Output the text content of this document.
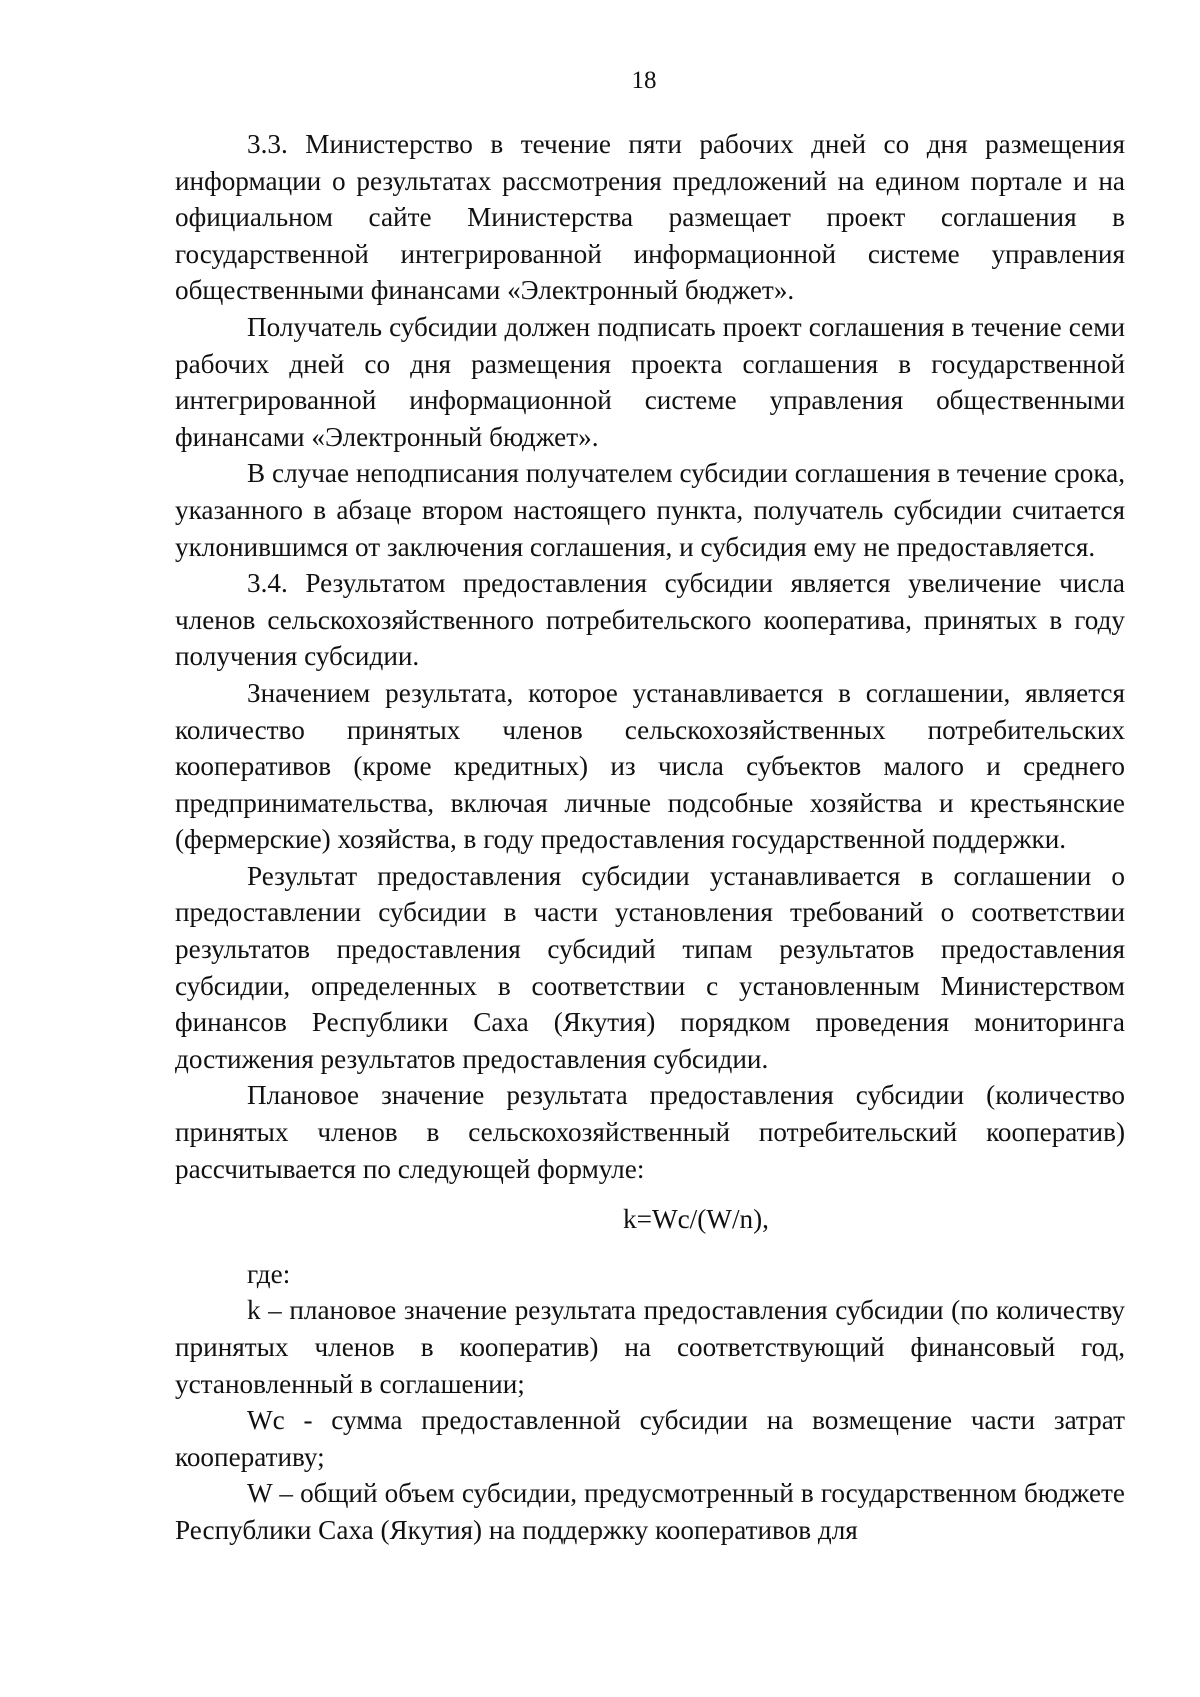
18

3.3. Министерство в течение пяти рабочих дней со дня размещения информации о результатах рассмотрения предложений на едином портале и на официальном сайте Министерства размещает проект соглашения в государственной интегрированной информационной системе управления общественными финансами «Электронный бюджет».

Получатель субсидии должен подписать проект соглашения в течение семи рабочих дней со дня размещения проекта соглашения в государственной интегрированной информационной системе управления общественными финансами «Электронный бюджет».

В случае неподписания получателем субсидии соглашения в течение срока, указанного в абзаце втором настоящего пункта, получатель субсидии считается уклонившимся от заключения соглашения, и субсидия ему не предоставляется.

3.4. Результатом предоставления субсидии является увеличение числа членов сельскохозяйственного потребительского кооператива, принятых в году получения субсидии.

Значением результата, которое устанавливается в соглашении, является количество принятых членов сельскохозяйственных потребительских кооперативов (кроме кредитных) из числа субъектов малого и среднего предпринимательства, включая личные подсобные хозяйства и крестьянские (фермерские) хозяйства, в году предоставления государственной поддержки.

Результат предоставления субсидии устанавливается в соглашении о предоставлении субсидии в части установления требований о соответствии результатов предоставления субсидий типам результатов предоставления субсидии, определенных в соответствии с установленным Министерством финансов Республики Саха (Якутия) порядком проведения мониторинга достижения результатов предоставления субсидии.

Плановое значение результата предоставления субсидии (количество принятых членов в сельскохозяйственный потребительский кооператив) рассчитывается по следующей формуле:

k=Wc/(W/n),

где:

k – плановое значение результата предоставления субсидии (по количеству принятых членов в кооператив) на соответствующий финансовый год, установленный в соглашении;

Wc - сумма предоставленной субсидии на возмещение части затрат кооперативу;

W – общий объем субсидии, предусмотренный в государственном бюджете Республики Саха (Якутия) на поддержку кооперативов для
